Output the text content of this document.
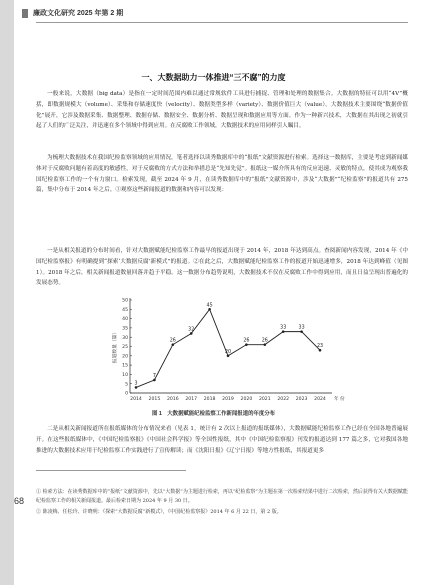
廉政文化研究 2025 年第 2 期
一、大数据助力一体推进“三不腐”的力度

一般来说，大数据（big data）是指在一定时间范围内难以通过常规软件工具进行捕捉、管理和处理的数据集合。大数据的特征可以用“4V”概括，即数据规模大（volume）、采集和存储速度快（velocity）、数据类型多样（variety）、数据价值巨大（value）。大数据技术主要围绕“数据价值化”展开，它涉及数据采集、数据整理、数据存储、数据安全、数据分析、数据呈现和数据应用等方面。作为一种新兴技术，大数据在其出现之初就引起了人们的广泛关注，并迅速在多个领域中得到应用。在反腐败工作领域，大数据技术的应用同样引人瞩目。

为梳理大数据技术在我国纪检监察领域的应用情况，笔者选择以读秀数据库中的“报纸”文献资源进行检索。选择这一数据库，主要是考虑到新闻媒体对于反腐败问题有着高度的敏感性，对于反腐败的方式方法和举措总是“先知先觉”。报纸这一媒介所具有的反应迅速、灵敏的特点，使其成为观察我国纪检监察工作的一个有力窗口。检索发现，截至 2024 年 9 月，在读秀数据库中的“报纸”文献资源中，涉及“大数据”“纪检监察”的报道共有 275 篇，集中分布于 2014 年之后。①观察这些新闻报道的数据和内容可以发现：

一是从相关报道的分布时间看，针对大数据赋能纪检监察工作最早的报道出现于 2014 年，2018 年达到高点。查阅新闻内容发现，2014 年《中国纪检监察报》有明确提到“探索‘大数据反腐’新模式”的报道。②在此之后，大数据赋能纪检监察工作的报道开始迅速增多，2018 年达到峰值（见图 1）。2018 年之后，相关新闻报道数量回落并趋于平稳。这一数据分布趋势说明，大数据技术不仅在反腐败工作中得到应用，而且日益呈现出普遍化的发展态势。

0
5
10
15
20
25
30
35
40
45
50
2014 2015 2016 2017 2018 2019 2020 2021 2022 2023 2024 年 份
报道数量（篇）
3
7
26
32
45
20
26	26
33	33
23
图 1　大数据赋能纪检监察工作新闻报道的年度分布

二是从相关新闻报道所在报纸媒体的分布情况来看（见表 1，统计有 2 次以上报道的报纸媒体），大数据赋能纪检监察工作已经在全国各地普遍展开。在这些报纸媒体中，《中国纪检监察报》《中国社会科学报》等全国性报纸，其中《中国纪检监察报》刊发的报道达到 177 篇之多，它对我国各地推进的大数据技术应用于纪检监察工作实践进行了宣传解读；而《沈阳日报》《辽宁日报》等地方性报纸，其报道更多

68

① 检索方法：在读秀数据库中的“报纸”文献资源中，先以“大数据”为主题进行检索，再以“纪检监察”为主题在第一次检索结果中进行二次检索，然后获得有关大数据赋能纪检监察工作的相关新闻报道。最后检索日期为 2024 年 9 月 30 日。

② 陈凌梅、任松玲、许晓明：《探索“大数据反腐”新模式》，《中国纪检监察报》2014 年 6 月 22 日，第 2 版。
